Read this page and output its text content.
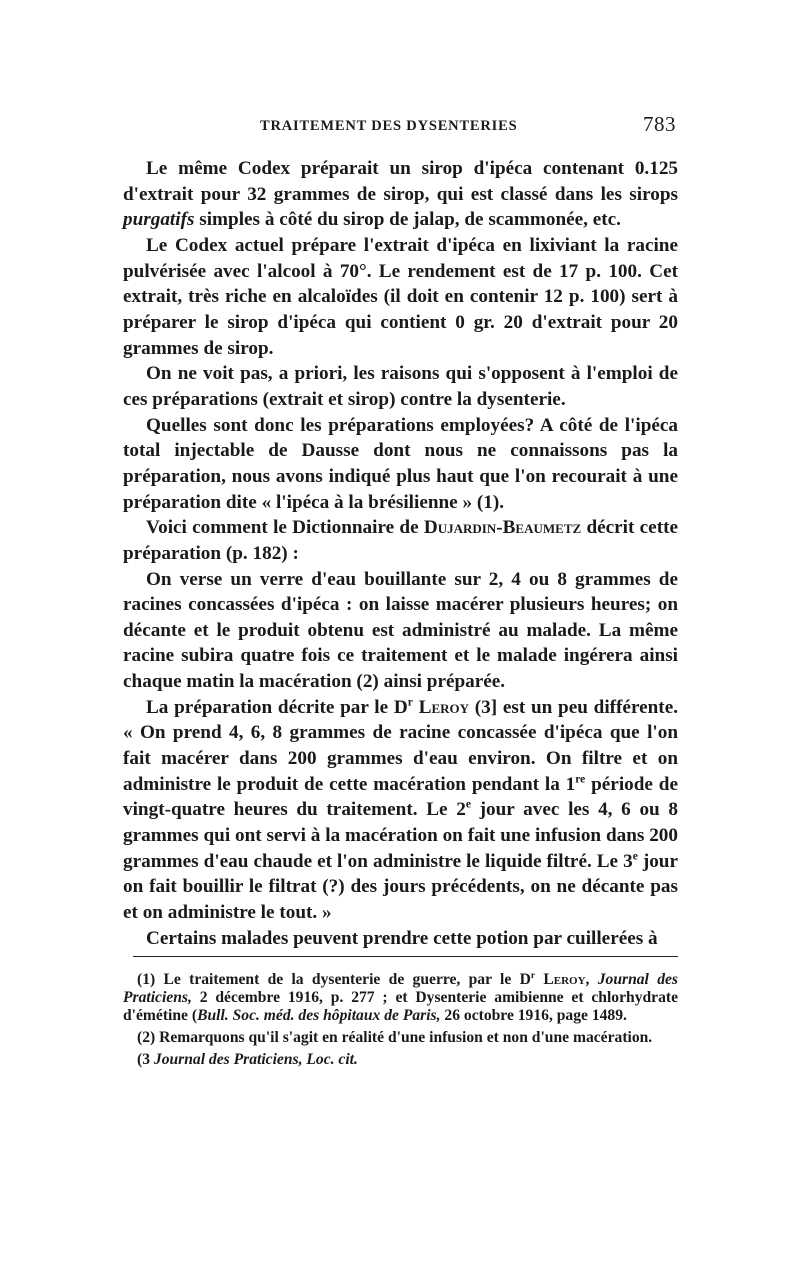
TRAITEMENT DES DYSENTERIES	783

Le même Codex préparait un sirop d'ipéca contenant 0.125 d'extrait pour 32 grammes de sirop, qui est classé dans les sirops purgatifs simples à côté du sirop de jalap, de scammonée, etc.

Le Codex actuel prépare l'extrait d'ipéca en lixiviant la racine pulvérisée avec l'alcool à 70°. Le rendement est de 17 p. 100. Cet extrait, très riche en alcaloïdes (il doit en contenir 12 p. 100) sert à préparer le sirop d'ipéca qui contient 0 gr. 20 d'extrait pour 20 grammes de sirop.

On ne voit pas, a priori, les raisons qui s'opposent à l'emploi de ces préparations (extrait et sirop) contre la dysenterie.

Quelles sont donc les préparations employées? A côté de l'ipéca total injectable de Dausse dont nous ne connaissons pas la préparation, nous avons indiqué plus haut que l'on recourait à une préparation dite « l'ipéca à la brésilienne » (1).

Voici comment le Dictionnaire de Dujardin-Beaumetz décrit cette préparation (p. 182) :

On verse un verre d'eau bouillante sur 2, 4 ou 8 grammes de racines concassées d'ipéca : on laisse macérer plusieurs heures; on décante et le produit obtenu est administré au malade. La même racine subira quatre fois ce traitement et le malade ingérera ainsi chaque matin la macération (2) ainsi préparée.

La préparation décrite par le $D^r$ Leroy (3] est un peu différente. « On prend 4, 6, 8 grammes de racine concassée d'ipéca que l'on fait macérer dans 200 grammes d'eau environ. On filtre et on administre le produit de cette macération pendant la 1re période de vingt-quatre heures du traitement. Le 2e jour avec les 4, 6 ou 8 grammes qui ont servi à la macération on fait une infusion dans 200 grammes d'eau chaude et l'on administre le liquide filtré. Le 3e jour on fait bouillir le filtrat (?) des jours précédents, on ne décante pas et on administre le tout. »

Certains malades peuvent prendre cette potion par cuillerées à

(1) Le traitement de la dysenterie de guerre, par le $D^r$ Leroy, Journal des Praticiens, 2 décembre 1916, p. 277 ; et Dysenterie amibienne et chlorhydrate d'émétine (Bull. Soc. méd. des hôpitaux de Paris, 26 octobre 1916, page 1489.

(2) Remarquons qu'il s'agit en réalité d'une infusion et non d'une macération.

(3 Journal des Praticiens, Loc. cit.
